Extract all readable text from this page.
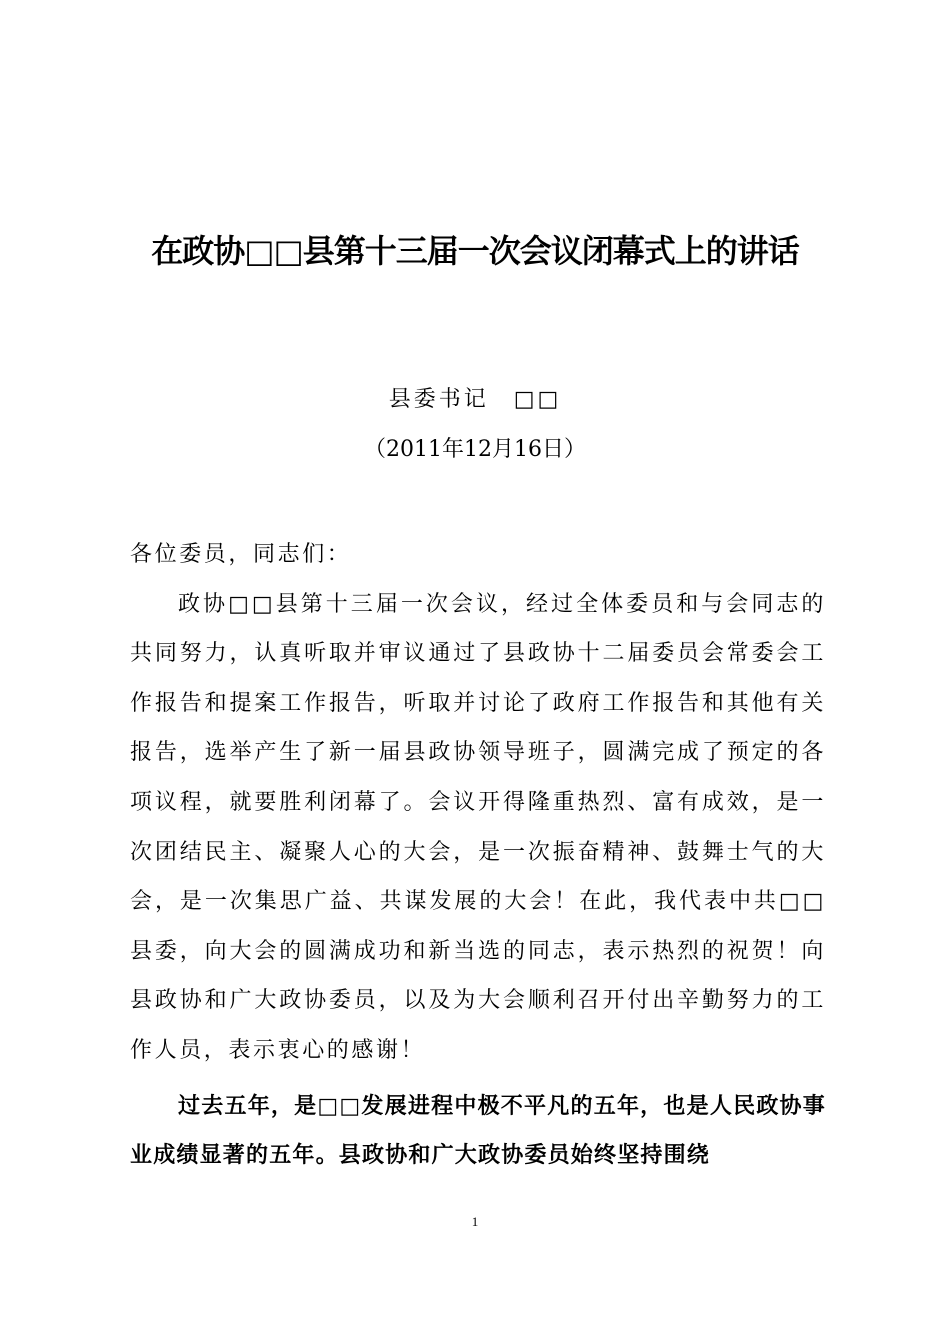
在政协□□县第十三届一次会议闭幕式上的讲话
县委书记　□□
（2011年12月16日）

各位委员，同志们：

政协□□县第十三届一次会议，经过全体委员和与会同志的共同努力，认真听取并审议通过了县政协十二届委员会常委会工作报告和提案工作报告，听取并讨论了政府工作报告和其他有关报告，选举产生了新一届县政协领导班子，圆满完成了预定的各项议程，就要胜利闭幕了。会议开得隆重热烈、富有成效，是一次团结民主、凝聚人心的大会，是一次振奋精神、鼓舞士气的大会，是一次集思广益、共谋发展的大会！在此，我代表中共□□县委，向大会的圆满成功和新当选的同志，表示热烈的祝贺！向县政协和广大政协委员，以及为大会顺利召开付出辛勤努力的工作人员，表示衷心的感谢！

过去五年，是□□发展进程中极不平凡的五年，也是人民政协事业成绩显著的五年。县政协和广大政协委员始终坚持围绕

1
